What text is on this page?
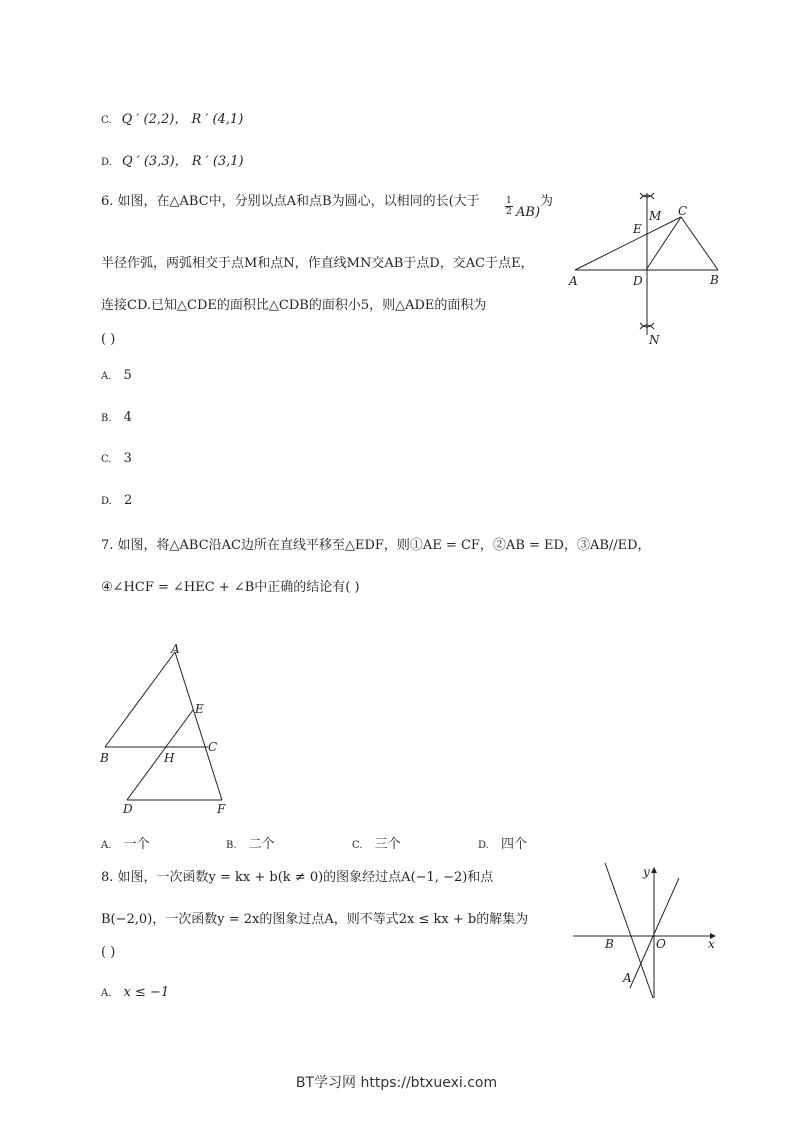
C. Q ′ (2,2)， R ′ (4,1)
D. Q ′ (3,3)， R ′ (3,1)
6. 如图，在△ABC中，分别以点A和点B为圆心，以相同的长(大于	$\frac{1}{2} AB$)
为
半径作弧，两弧相交于点M和点N，作直线MN交AB于点D，交AC于点E，
连接CD.已知△CDE的面积比△CDB的面积小5，则△ADE的面积为
( )
A. 5
B. 4
C. 3
D. 2
A	B
C
D
E
M
N
7. 如图，将△ABC沿AC边所在直线平移至△EDF，则①AE = CF，②AB = ED，③AB//ED，
④∠HCF = ∠HEC + ∠B中正确的结论有( )
A
B
C
E
H
D	F
A. 一个	B. 二个	C. 三个	D. 四个
8. 如图，一次函数y = kx + b(k ≠ 0)的图象经过点A(−1, −2)和点
B(−2,0)，一次函数y = 2x的图象过点A，则不等式2x ≤ kx + b的解集为
( )
A. x ≤ −1
y
x
O
B
A
BT学习网 https://btxuexi.com
